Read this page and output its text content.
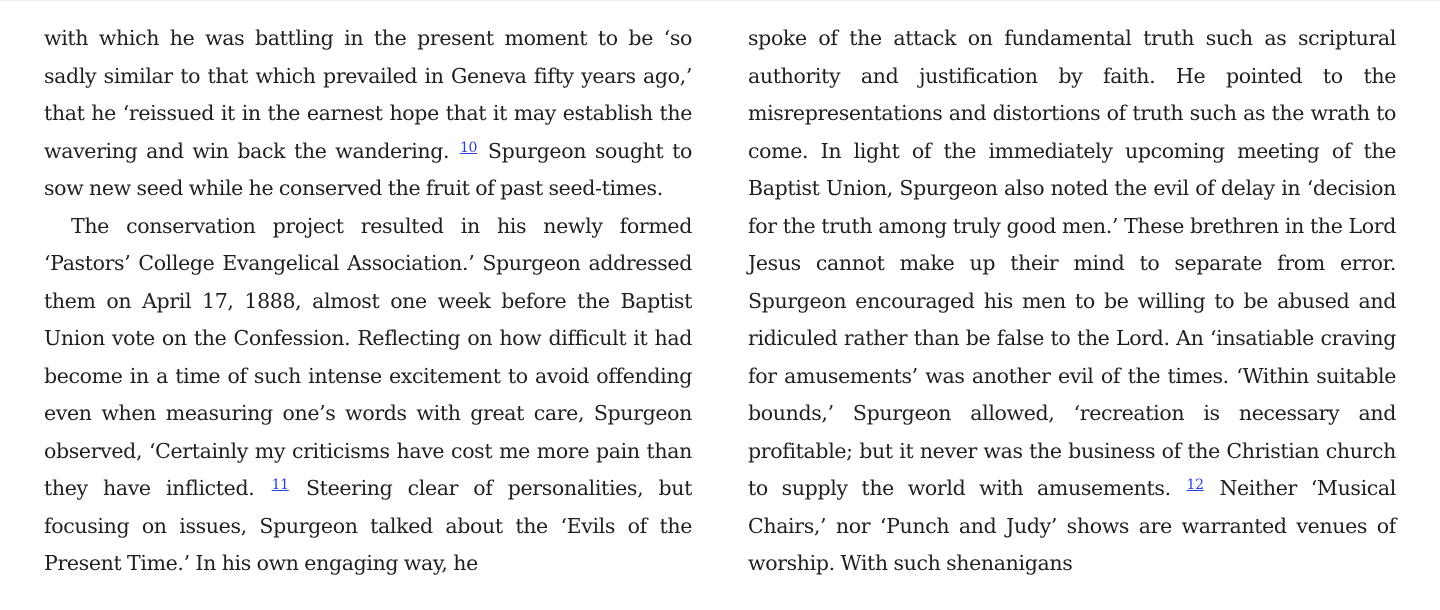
with which he was battling in the present moment to be ‘so sadly similar to that which prevailed in Geneva fifty years ago,’ that he ‘reissued it in the earnest hope that it may establish the wavering and win back the wandering. $^{10}$ Spurgeon sought to sow new seed while he conserved the fruit of past seed-times.

The conservation project resulted in his newly formed ‘Pastors’ College Evangelical Association.’ Spurgeon addressed them on April 17, 1888, almost one week before the Baptist Union vote on the Confession. Reflecting on how difficult it had become in a time of such intense excitement to avoid offending even when measuring one’s words with great care, Spurgeon observed, ‘Certainly my criticisms have cost me more pain than they have inflicted. $^{11}$ Steering clear of personalities, but focusing on issues, Spurgeon talked about the ‘Evils of the Present Time.’ In his own engaging way, he

spoke of the attack on fundamental truth such as scriptural authority and justification by faith. He pointed to the misrepresentations and distortions of truth such as the wrath to come. In light of the immediately upcoming meeting of the Baptist Union, Spurgeon also noted the evil of delay in ‘decision for the truth among truly good men.’ These brethren in the Lord Jesus cannot make up their mind to separate from error. Spurgeon encouraged his men to be willing to be abused and ridiculed rather than be false to the Lord. An ‘insatiable craving for amusements’ was another evil of the times. ‘Within suitable bounds,’ Spurgeon allowed, ‘recreation is necessary and profitable; but it never was the business of the Christian church to supply the world with amusements. $^{12}$ Neither ‘Musical Chairs,’ nor ‘Punch and Judy’ shows are warranted venues of worship. With such shenanigans
